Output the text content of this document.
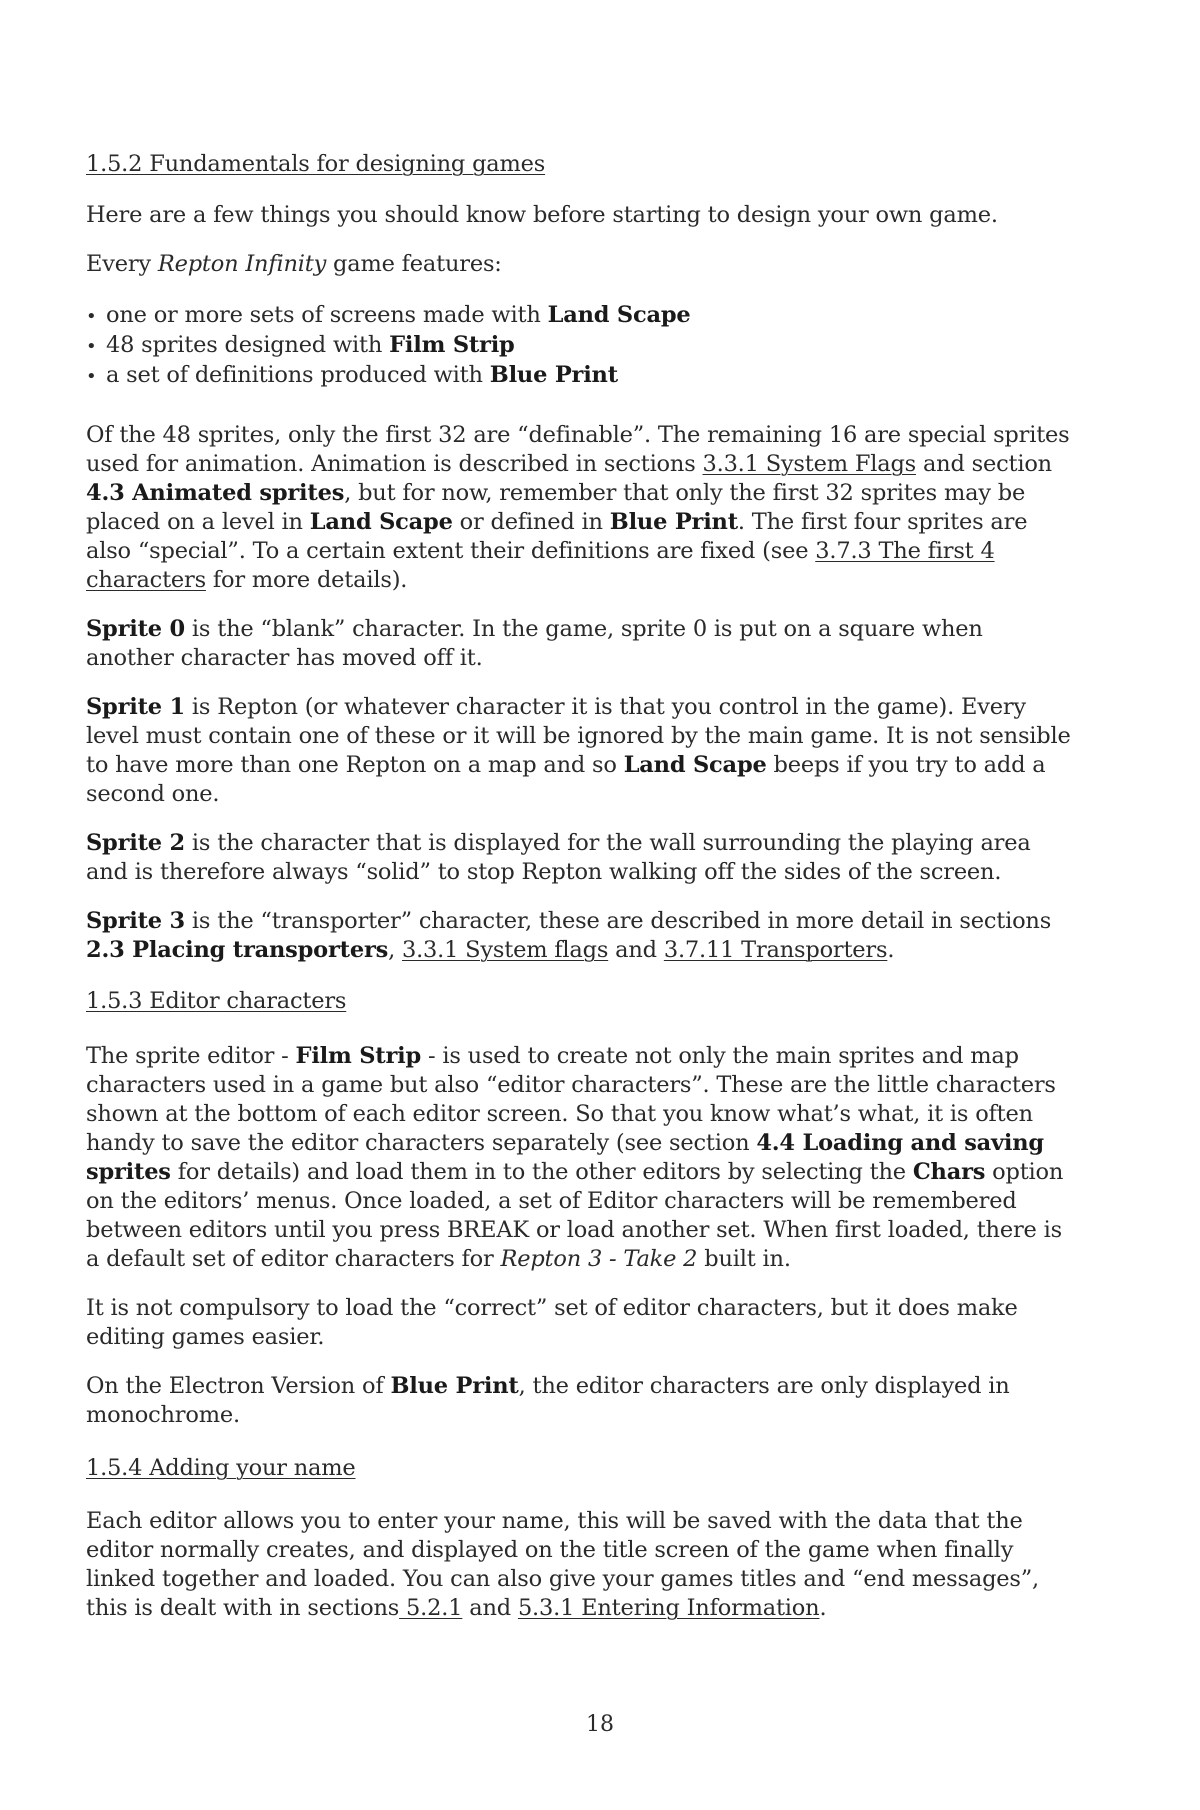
1.5.2 Fundamentals for designing games

Here are a few things you should know before starting to design your own game.

Every Repton Infinity game features:

• one or more sets of screens made with Land Scape
• 48 sprites designed with Film Strip
• a set of definitions produced with Blue Print

Of the 48 sprites, only the first 32 are “definable”. The remaining 16 are special sprites used for animation. Animation is described in sections 3.3.1 System Flags and section 4.3 Animated sprites, but for now, remember that only the first 32 sprites may be placed on a level in Land Scape or defined in Blue Print. The first four sprites are also “special”. To a certain extent their definitions are fixed (see 3.7.3 The first 4 characters for more details).

Sprite 0 is the “blank” character. In the game, sprite 0 is put on a square when another character has moved off it.

Sprite 1 is Repton (or whatever character it is that you control in the game). Every level must contain one of these or it will be ignored by the main game. It is not sensible to have more than one Repton on a map and so Land Scape beeps if you try to add a second one.

Sprite 2 is the character that is displayed for the wall surrounding the playing area and is therefore always “solid” to stop Repton walking off the sides of the screen.

Sprite 3 is the “transporter” character, these are described in more detail in sections 2.3 Placing transporters, 3.3.1 System flags and 3.7.11 Transporters.

1.5.3 Editor characters

The sprite editor - Film Strip - is used to create not only the main sprites and map characters used in a game but also “editor characters”. These are the little characters shown at the bottom of each editor screen. So that you know what’s what, it is often handy to save the editor characters separately (see section 4.4 Loading and saving sprites for details) and load them in to the other editors by selecting the Chars option on the editors’ menus. Once loaded, a set of Editor characters will be remembered between editors until you press BREAK or load another set. When first loaded, there is a default set of editor characters for Repton 3 - Take 2 built in.

It is not compulsory to load the “correct” set of editor characters, but it does make editing games easier.

On the Electron Version of Blue Print, the editor characters are only displayed in monochrome.

1.5.4 Adding your name

Each editor allows you to enter your name, this will be saved with the data that the editor normally creates, and displayed on the title screen of the game when finally linked together and loaded. You can also give your games titles and “end messages”, this is dealt with in sections 5.2.1 and 5.3.1 Entering Information.

18
